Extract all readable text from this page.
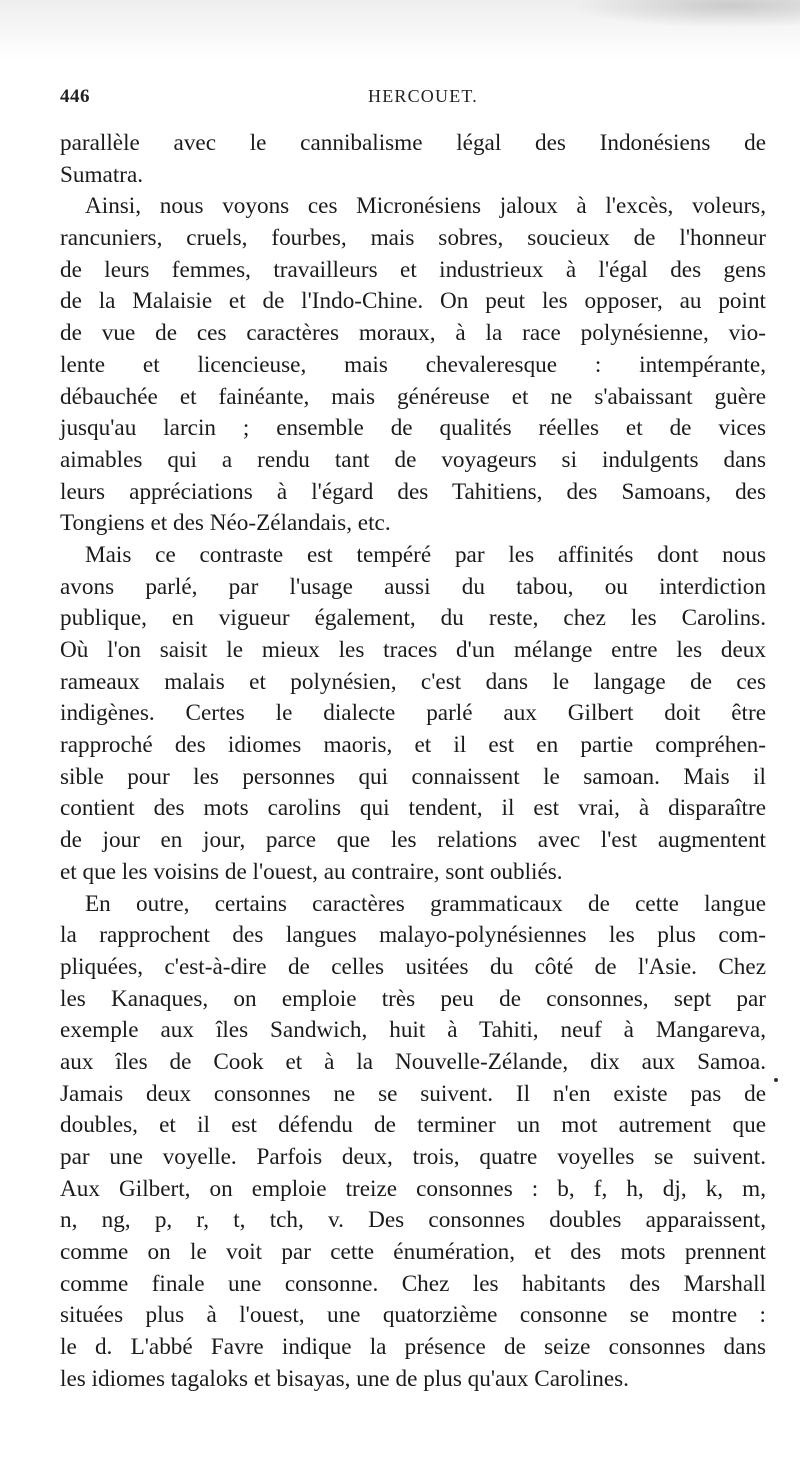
446	HERCOUET.
parallèle avec le cannibalisme légal des Indonésiens de
Sumatra.
Ainsi, nous voyons ces Micronésiens jaloux à l'excès, voleurs,
rancuniers, cruels, fourbes, mais sobres, soucieux de l'honneur
de leurs femmes, travailleurs et industrieux à l'égal des gens
de la Malaisie et de l'Indo-Chine. On peut les opposer, au point
de vue de ces caractères moraux, à la race polynésienne, vio-
lente et licencieuse, mais chevaleresque : intempérante,
débauchée et fainéante, mais généreuse et ne s'abaissant guère
jusqu'au larcin ; ensemble de qualités réelles et de vices
aimables qui a rendu tant de voyageurs si indulgents dans
leurs appréciations à l'égard des Tahitiens, des Samoans, des
Tongiens et des Néo-Zélandais, etc.
Mais ce contraste est tempéré par les affinités dont nous
avons parlé, par l'usage aussi du tabou, ou interdiction
publique, en vigueur également, du reste, chez les Carolins.
Où l'on saisit le mieux les traces d'un mélange entre les deux
rameaux malais et polynésien, c'est dans le langage de ces
indigènes. Certes le dialecte parlé aux Gilbert doit être
rapproché des idiomes maoris, et il est en partie compréhen-
sible pour les personnes qui connaissent le samoan. Mais il
contient des mots carolins qui tendent, il est vrai, à disparaître
de jour en jour, parce que les relations avec l'est augmentent
et que les voisins de l'ouest, au contraire, sont oubliés.
En outre, certains caractères grammaticaux de cette langue
la rapprochent des langues malayo-polynésiennes les plus com-
pliquées, c'est-à-dire de celles usitées du côté de l'Asie. Chez
les Kanaques, on emploie très peu de consonnes, sept par
exemple aux îles Sandwich, huit à Tahiti, neuf à Mangareva,
aux îles de Cook et à la Nouvelle-Zélande, dix aux Samoa.
Jamais deux consonnes ne se suivent. Il n'en existe pas de
doubles, et il est défendu de terminer un mot autrement que
par une voyelle. Parfois deux, trois, quatre voyelles se suivent.
Aux Gilbert, on emploie treize consonnes : b, f, h, dj, k, m,
n, ng, p, r, t, tch, v. Des consonnes doubles apparaissent,
comme on le voit par cette énumération, et des mots prennent
comme finale une consonne. Chez les habitants des Marshall
situées plus à l'ouest, une quatorzième consonne se montre :
le d. L'abbé Favre indique la présence de seize consonnes dans
les idiomes tagaloks et bisayas, une de plus qu'aux Carolines.
